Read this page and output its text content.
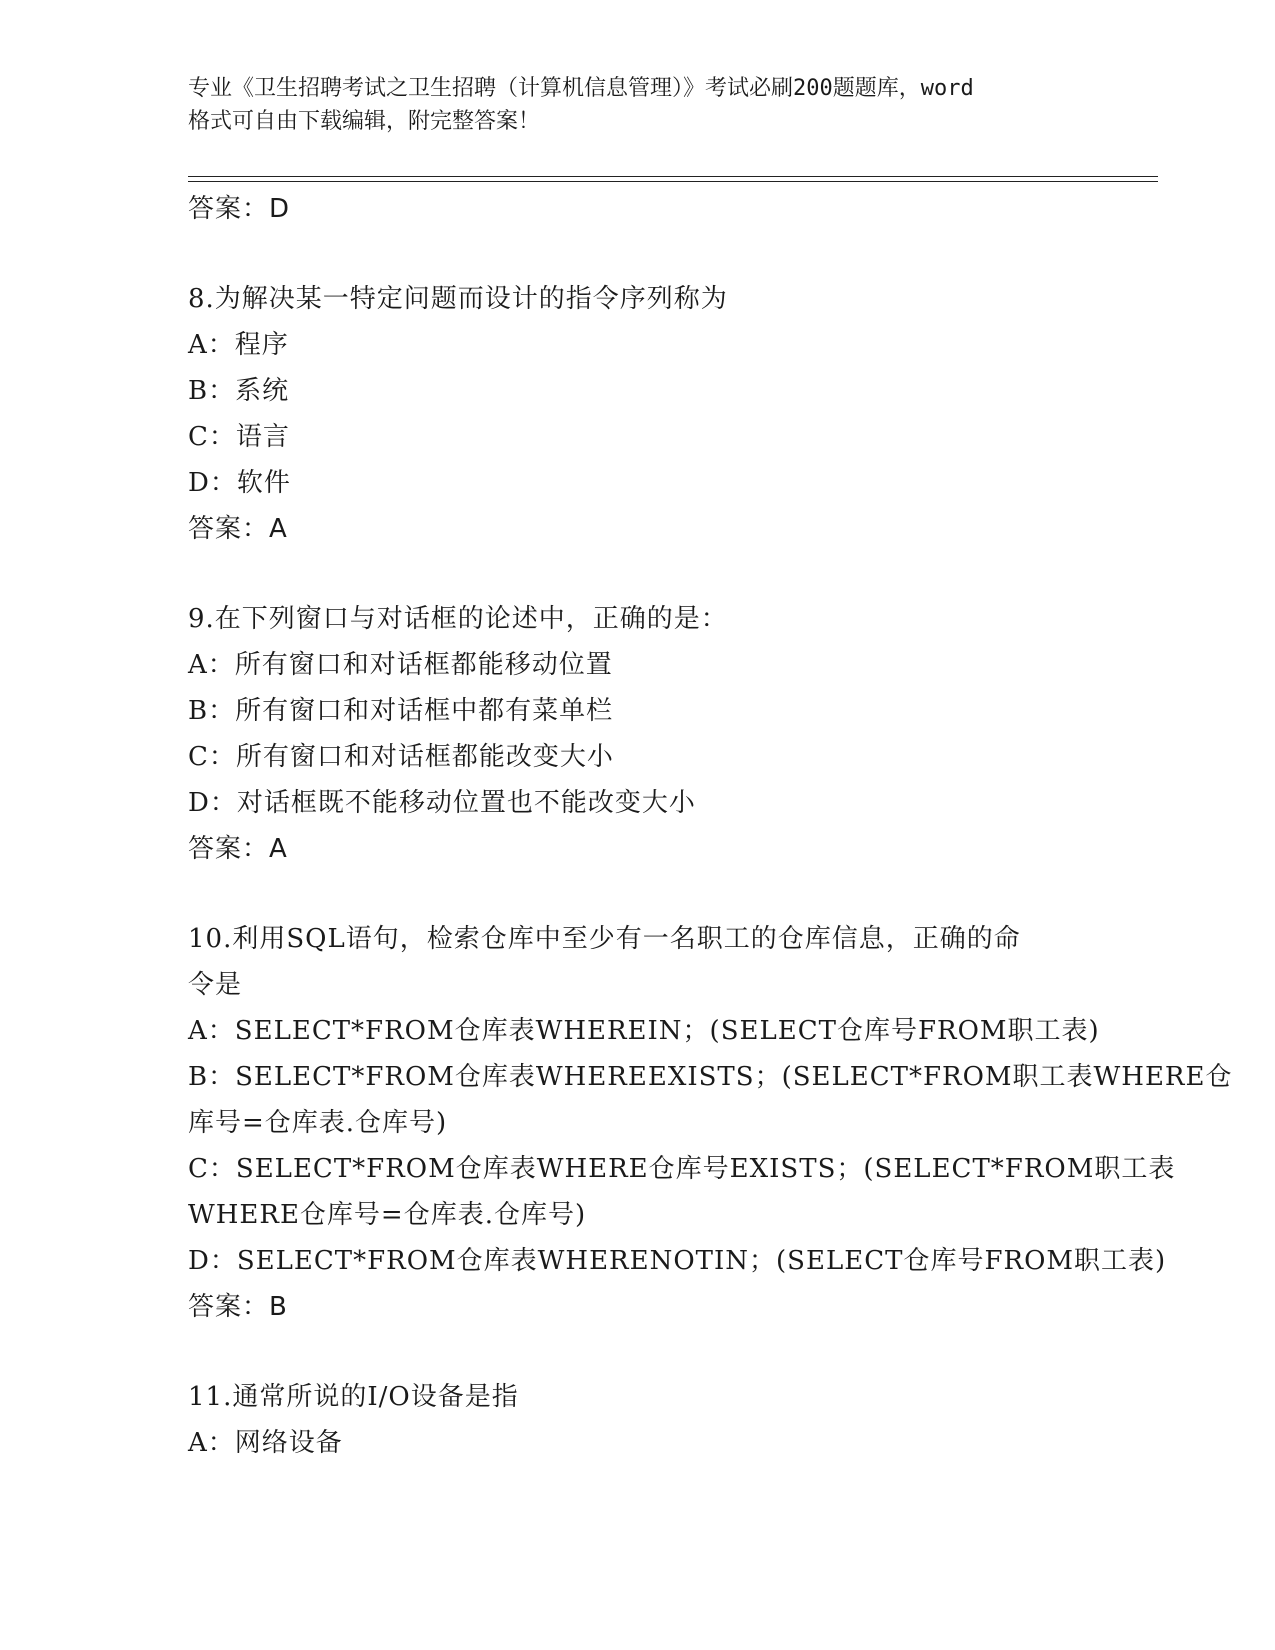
专业《卫生招聘考试之卫生招聘（计算机信息管理）》考试必刷200题题库，word
格式可自由下载编辑，附完整答案！
答案：D
8.为解决某一特定问题而设计的指令序列称为
A：程序
B：系统
C：语言
D：软件
答案：A
9.在下列窗口与对话框的论述中，正确的是：
A：所有窗口和对话框都能移动位置
B：所有窗口和对话框中都有菜单栏
C：所有窗口和对话框都能改变大小
D：对话框既不能移动位置也不能改变大小
答案：A
10.利用SQL语句，检索仓库中至少有一名职工的仓库信息，正确的命
令是
A：SELECT*FROM仓库表WHEREIN；(SELECT仓库号FROM职工表)
B：SELECT*FROM仓库表WHEREEXISTS；(SELECT*FROM职工表WHERE仓
库号=仓库表.仓库号)
C：SELECT*FROM仓库表WHERE仓库号EXISTS；(SELECT*FROM职工表
WHERE仓库号=仓库表.仓库号)
D：SELECT*FROM仓库表WHERENOTIN；(SELECT仓库号FROM职工表)
答案：B
11.通常所说的I/O设备是指
A：网络设备
